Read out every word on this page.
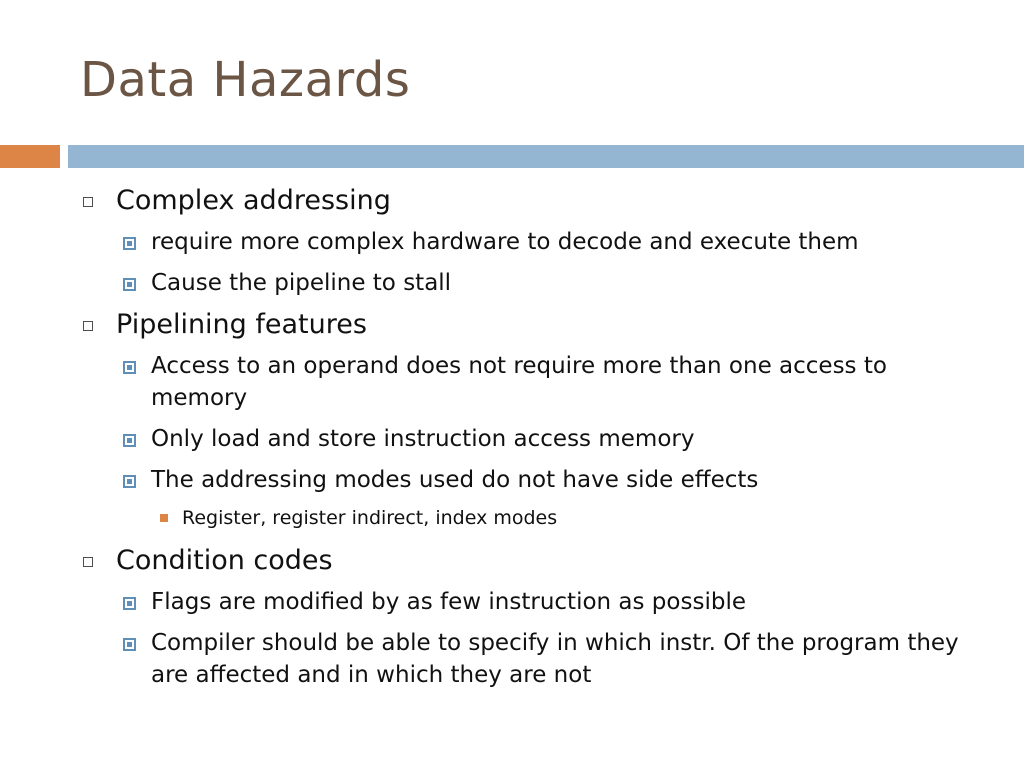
Data Hazards
Complex addressing
require more complex hardware to decode and execute them
Cause the pipeline to stall
Pipelining features
Access to an operand does not require more than one access to memory
Only load and store instruction access memory
The addressing modes used do not have side effects
Register, register indirect, index modes
Condition codes
Flags are modified by as few instruction as possible
Compiler should be able to specify in which instr. Of the program they are affected and in which they are not
